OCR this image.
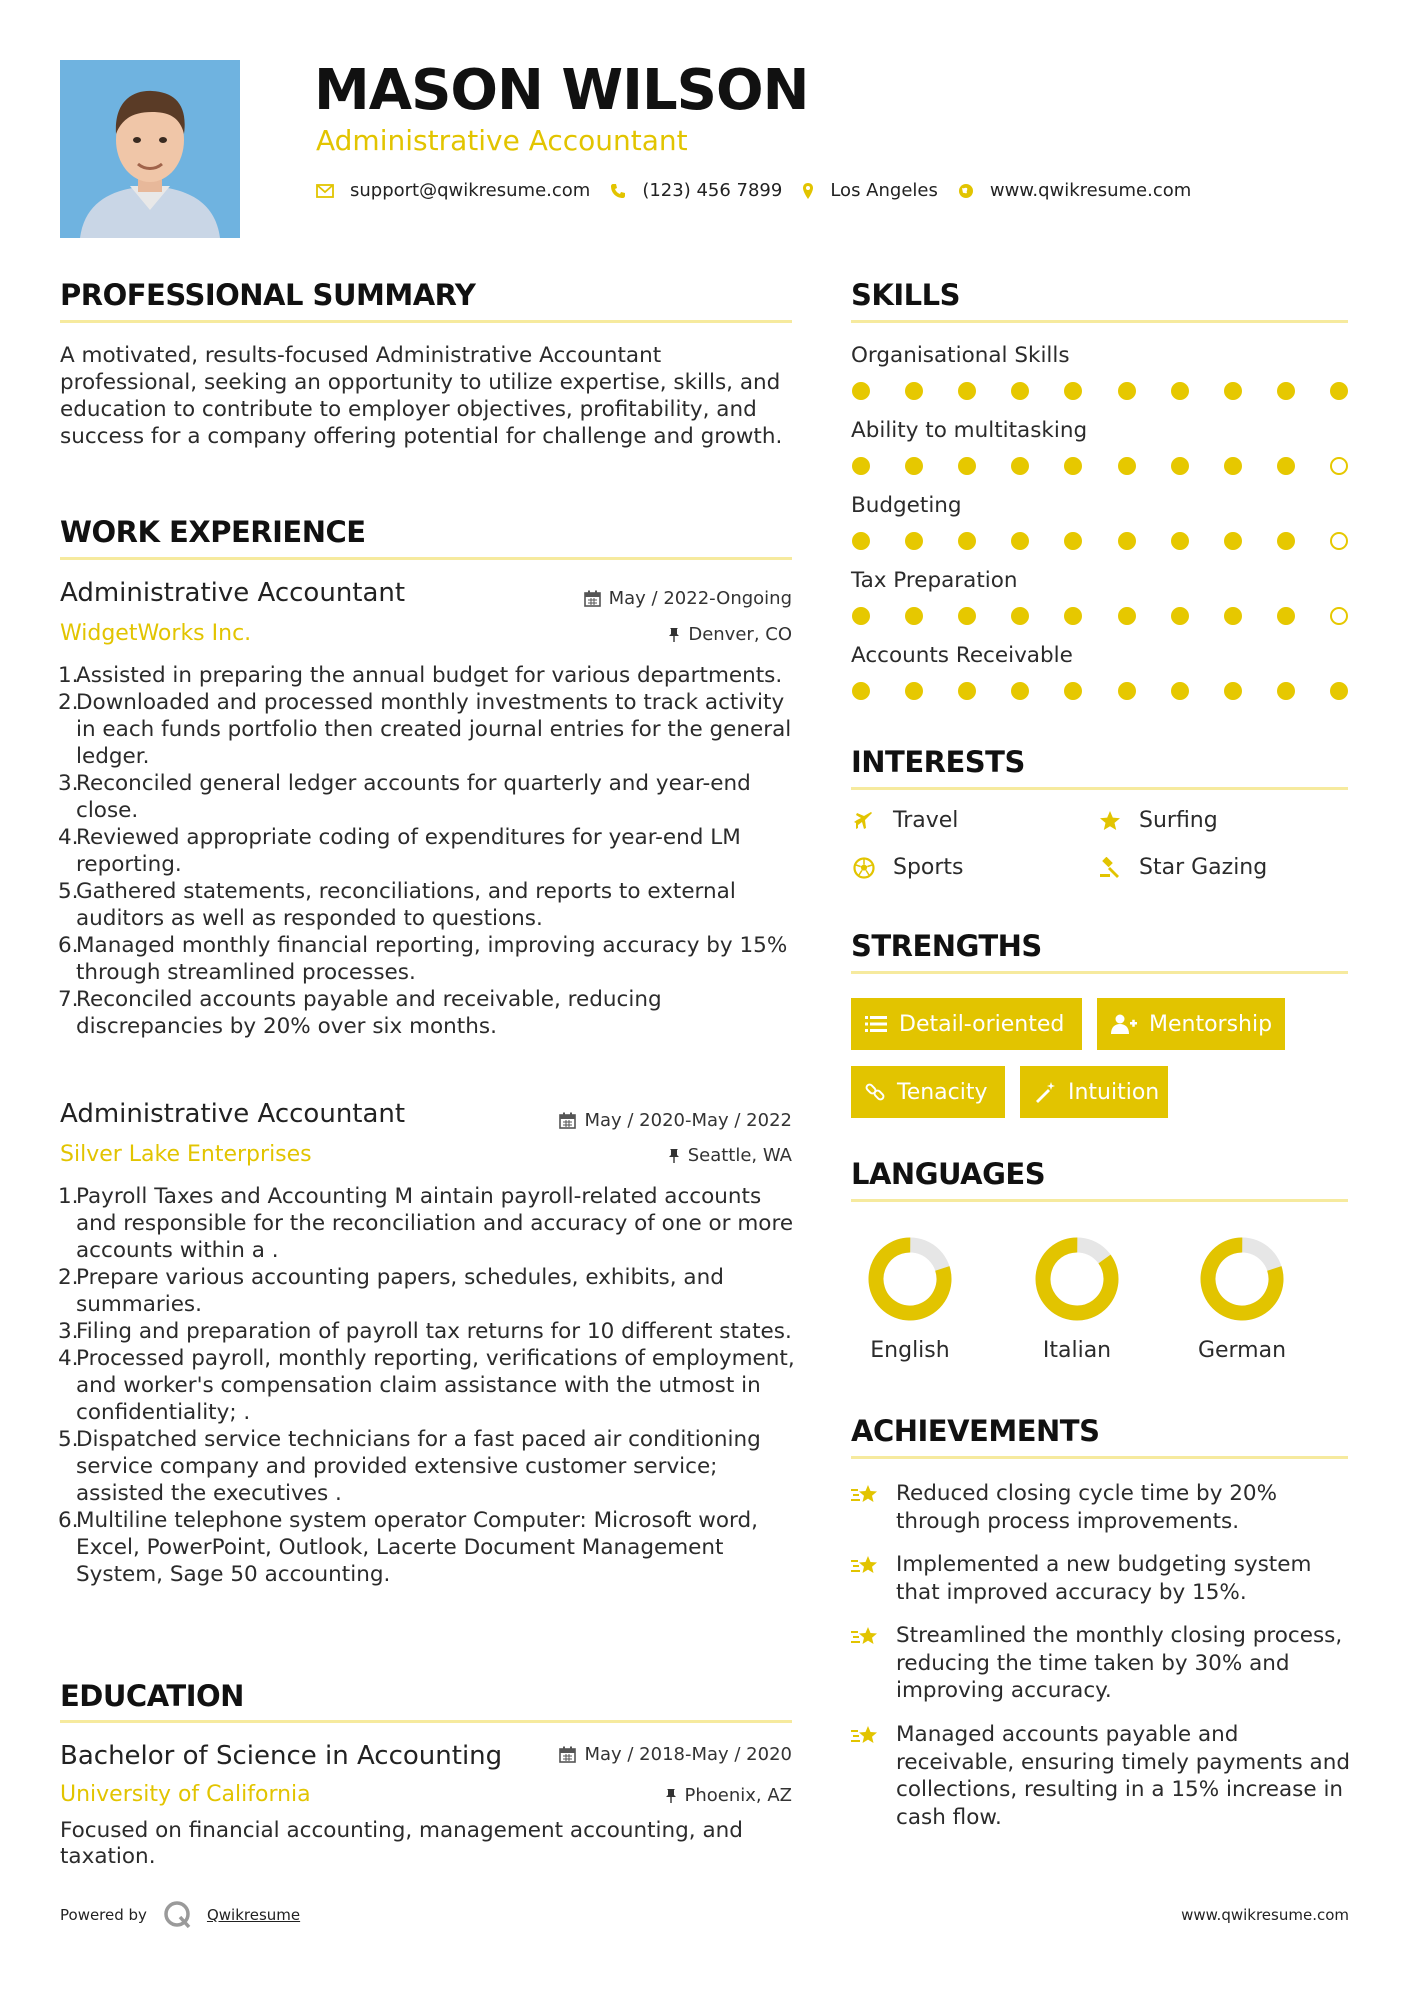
MASON WILSON
Administrative Accountant
support@qwikresume.com	(123) 456 7899	Los Angeles	www.qwikresume.com
PROFESSIONAL SUMMARY
A motivated, results-focused Administrative Accountant professional, seeking an opportunity to utilize expertise, skills, and education to contribute to employer objectives, profitability, and success for a company offering potential for challenge and growth.
WORK EXPERIENCE
Administrative Accountant	May / 2022-Ongoing
WidgetWorks Inc.	Denver, CO
1.
Assisted in preparing the annual budget for various departments.
2.
Downloaded and processed monthly investments to track activity in each funds portfolio then created journal entries for the general ledger.
3.
Reconciled general ledger accounts for quarterly and year-end close.
4.
Reviewed appropriate coding of expenditures for year-end LM reporting.
5.
Gathered statements, reconciliations, and reports to external auditors as well as responded to questions.
6.
Managed monthly financial reporting, improving accuracy by 15% through streamlined processes.
7.
Reconciled accounts payable and receivable, reducing discrepancies by 20% over six months.
Administrative Accountant	May / 2020-May / 2022
Silver Lake Enterprises	Seattle, WA
1.
Payroll Taxes and Accounting M aintain payroll-related accounts and responsible for the reconciliation and accuracy of one or more accounts within a .
2.
Prepare various accounting papers, schedules, exhibits, and summaries.
3.
Filing and preparation of payroll tax returns for 10 different states.
4.
Processed payroll, monthly reporting, verifications of employment, and worker's compensation claim assistance with the utmost in confidentiality; .
5.
Dispatched service technicians for a fast paced air conditioning service company and provided extensive customer service; assisted the executives .
6.
Multiline telephone system operator Computer: Microsoft word, Excel, PowerPoint, Outlook, Lacerte Document Management System, Sage 50 accounting.
EDUCATION
Bachelor of Science in Accounting	May / 2018-May / 2020
University of California	Phoenix, AZ
Focused on financial accounting, management accounting, and taxation.
SKILLS
Organisational Skills
Ability to multitasking
Budgeting
Tax Preparation
Accounts Receivable
INTERESTS
Travel	Surfing
Sports	Star Gazing
STRENGTHS
Detail-oriented	Mentorship
Tenacity	Intuition
LANGUAGES
English	Italian	German
ACHIEVEMENTS
Reduced closing cycle time by 20% through process improvements.
Implemented a new budgeting system that improved accuracy by 15%.
Streamlined the monthly closing process, reducing the time taken by 30% and improving accuracy.
Managed accounts payable and receivable, ensuring timely payments and collections, resulting in a 15% increase in cash flow.
Powered by	Qwikresume	www.qwikresume.com
